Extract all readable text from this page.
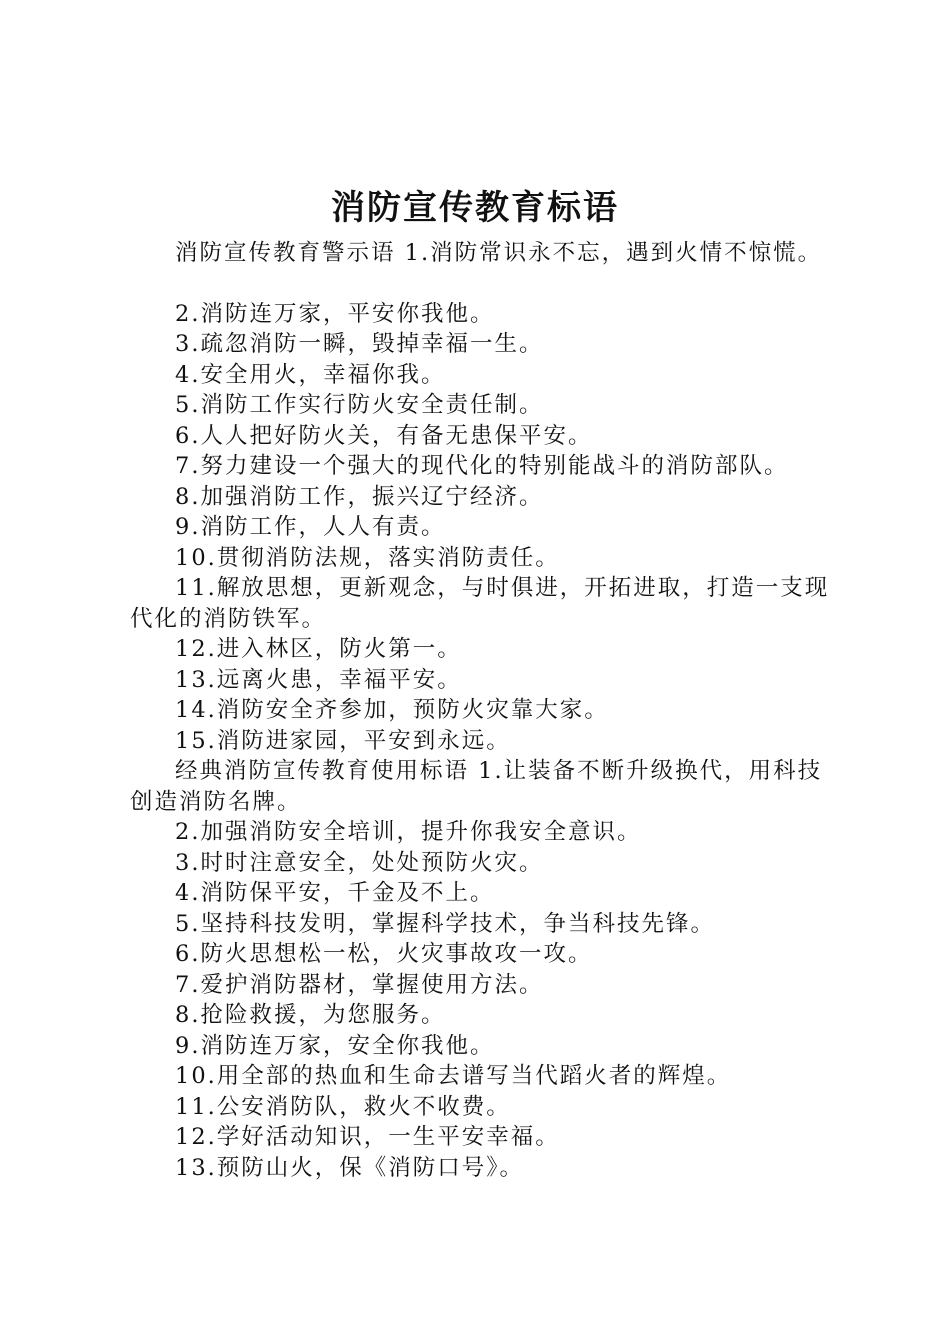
消防宣传教育标语

消防宣传教育警示语 1.消防常识永不忘，遇到火情不惊慌。

2.消防连万家，平安你我他。

3.疏忽消防一瞬，毁掉幸福一生。

4.安全用火，幸福你我。

5.消防工作实行防火安全责任制。

6.人人把好防火关，有备无患保平安。

7.努力建设一个强大的现代化的特别能战斗的消防部队。

8.加强消防工作，振兴辽宁经济。

9.消防工作，人人有责。

10.贯彻消防法规，落实消防责任。

11.解放思想，更新观念，与时俱进，开拓进取，打造一支现代化的消防铁军。

12.进入林区，防火第一。

13.远离火患，幸福平安。

14.消防安全齐参加，预防火灾靠大家。

15.消防进家园，平安到永远。

经典消防宣传教育使用标语 1.让装备不断升级换代，用科技创造消防名牌。

2.加强消防安全培训，提升你我安全意识。

3.时时注意安全，处处预防火灾。

4.消防保平安，千金及不上。

5.坚持科技发明，掌握科学技术，争当科技先锋。

6.防火思想松一松，火灾事故攻一攻。

7.爱护消防器材，掌握使用方法。

8.抢险救援，为您服务。

9.消防连万家，安全你我他。

10.用全部的热血和生命去谱写当代蹈火者的辉煌。

11.公安消防队，救火不收费。

12.学好活动知识，一生平安幸福。

13.预防山火，保《消防口号》。
